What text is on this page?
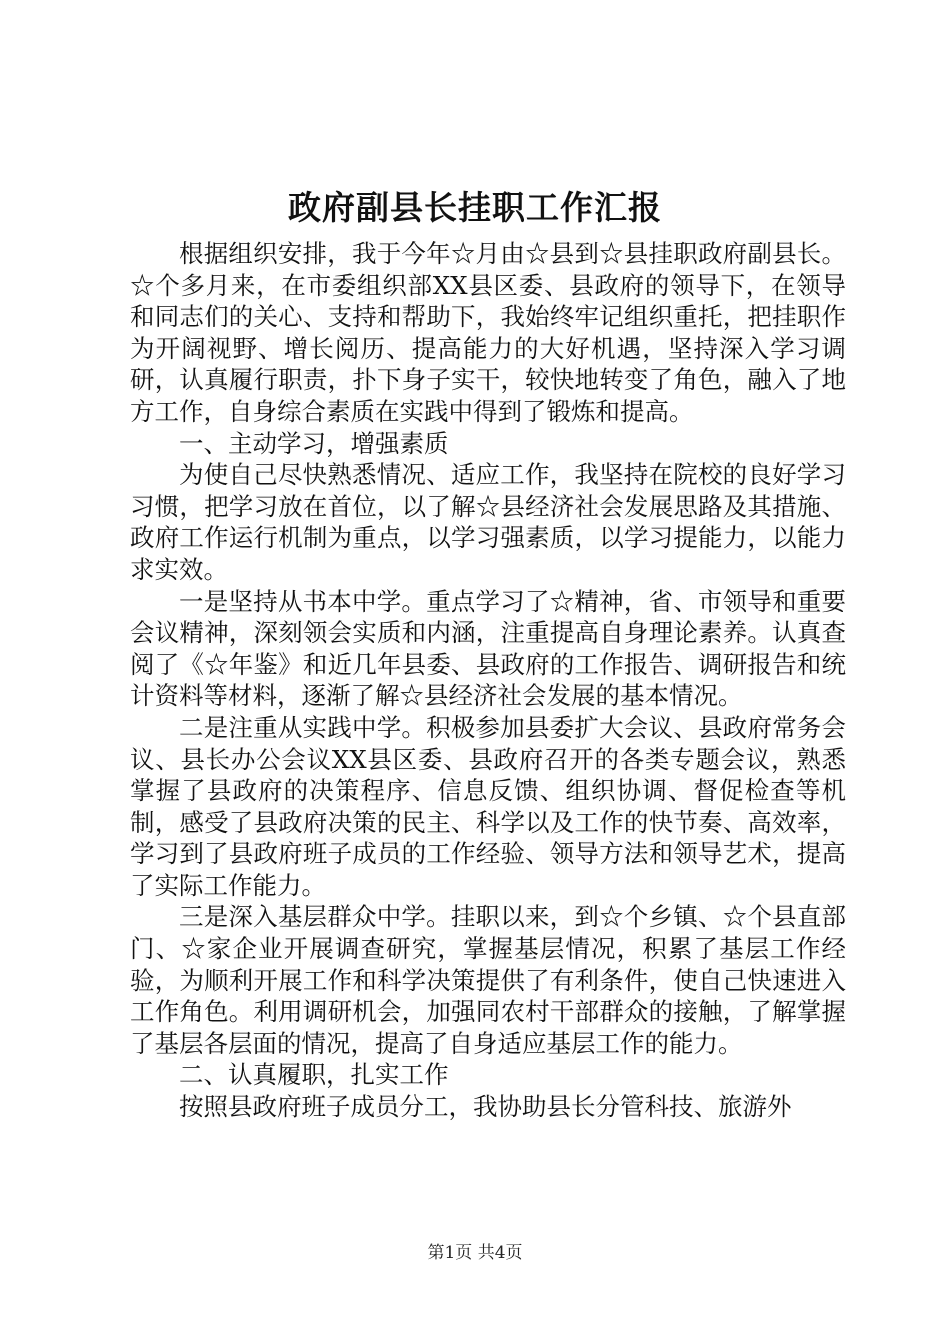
政府副县长挂职工作汇报

根据组织安排，我于今年☆月由☆县到☆县挂职政府副县长。☆个多月来，在市委组织部XX县区委、县政府的领导下，在领导和同志们的关心、支持和帮助下，我始终牢记组织重托，把挂职作为开阔视野、增长阅历、提高能力的大好机遇，坚持深入学习调研，认真履行职责，扑下身子实干，较快地转变了角色，融入了地方工作，自身综合素质在实践中得到了锻炼和提高。

一、主动学习，增强素质

为使自己尽快熟悉情况、适应工作，我坚持在院校的良好学习习惯，把学习放在首位，以了解☆县经济社会发展思路及其措施、政府工作运行机制为重点，以学习强素质，以学习提能力，以能力求实效。

一是坚持从书本中学。重点学习了☆精神，省、市领导和重要会议精神，深刻领会实质和内涵，注重提高自身理论素养。认真查阅了《☆年鉴》和近几年县委、县政府的工作报告、调研报告和统计资料等材料，逐渐了解☆县经济社会发展的基本情况。

二是注重从实践中学。积极参加县委扩大会议、县政府常务会议、县长办公会议XX县区委、县政府召开的各类专题会议，熟悉掌握了县政府的决策程序、信息反馈、组织协调、督促检查等机制，感受了县政府决策的民主、科学以及工作的快节奏、高效率，学习到了县政府班子成员的工作经验、领导方法和领导艺术，提高了实际工作能力。

三是深入基层群众中学。挂职以来，到☆个乡镇、☆个县直部门、☆家企业开展调查研究，掌握基层情况，积累了基层工作经验，为顺利开展工作和科学决策提供了有利条件，使自己快速进入工作角色。利用调研机会，加强同农村干部群众的接触，了解掌握了基层各层面的情况，提高了自身适应基层工作的能力。

二、认真履职，扎实工作

按照县政府班子成员分工，我协助县长分管科技、旅游外

第1页 共4页
